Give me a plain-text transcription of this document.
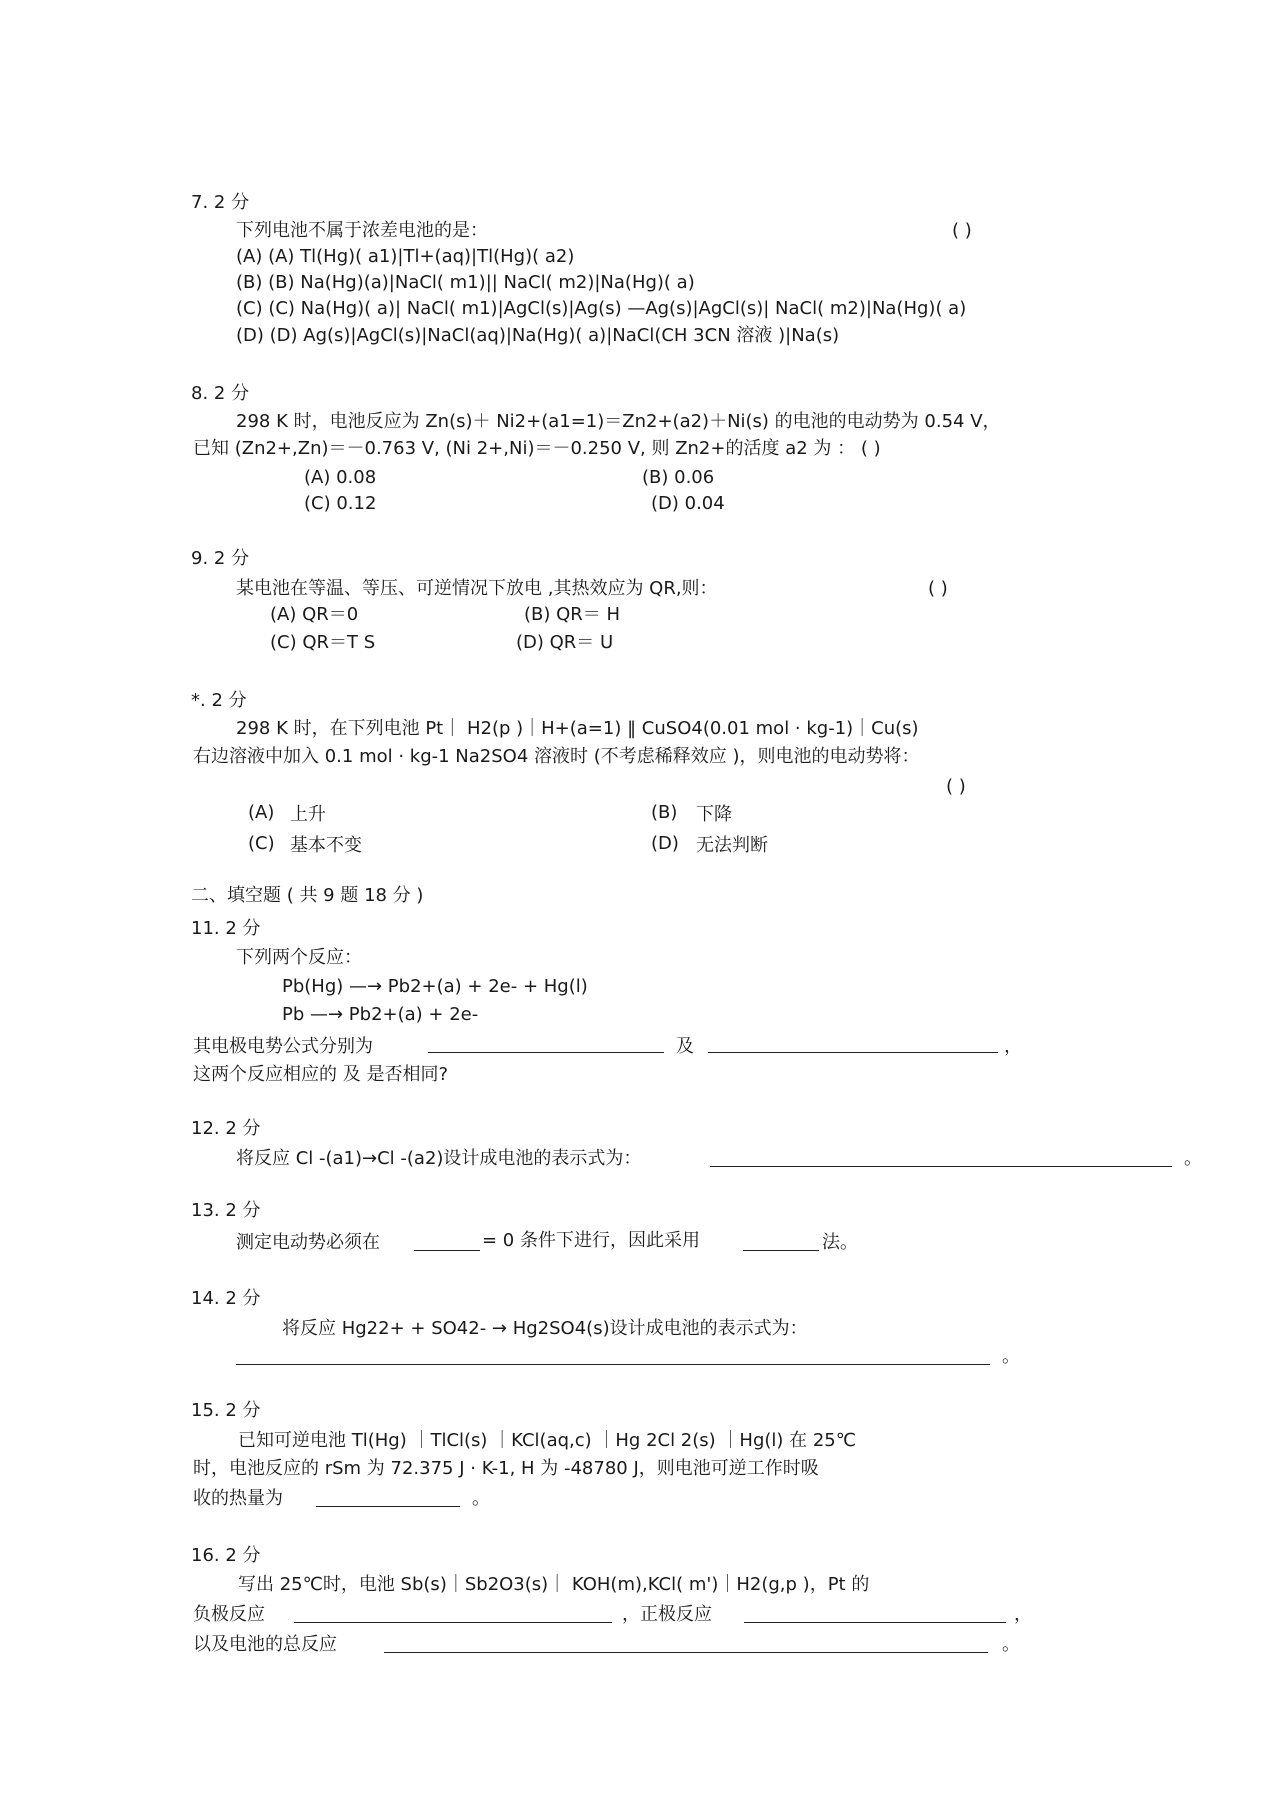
7. 2 分
下列电池不属于浓差电池的是：	( )
(A) (A) Tl(Hg)( a1)|Tl+(aq)|Tl(Hg)( a2)
(B) (B) Na(Hg)(a)|NaCl( m1)|| NaCl( m2)|Na(Hg)( a)
(C) (C) Na(Hg)( a)| NaCl( m1)|AgCl(s)|Ag(s) —Ag(s)|AgCl(s)| NaCl( m2)|Na(Hg)( a)
(D) (D) Ag(s)|AgCl(s)|NaCl(aq)|Na(Hg)( a)|NaCl(CH 3CN 溶液 )|Na(s)
8. 2 分
298 K 时，电池反应为 Zn(s)＋ Ni2+(a1=1)＝Zn2+(a2)＋Ni(s) 的电池的电动势为 0.54 V，
已知 (Zn2+,Zn)＝－0.763 V, (Ni 2+,Ni)＝－0.250 V, 则 Zn2+的活度 a2 为 ： ( )
(A) 0.08	(B) 0.06
(C) 0.12	(D) 0.04
9. 2 分
某电池在等温、等压、可逆情况下放电 ,其热效应为 QR,则：	( )
(A) QR＝0	(B) QR＝ H
(C) QR＝T S	(D) QR＝ U
*. 2 分
298 K 时，在下列电池 Pt｜ H2(p )｜H+(a=1) ‖ CuSO4(0.01 mol · kg-1)｜Cu(s)
右边溶液中加入 0.1 mol · kg-1 Na2SO4 溶液时 (不考虑稀释效应 )，则电池的电动势将：
( )
(A) 上升	(B) 下降
(C) 基本不变	(D) 无法判断
二、填空题 ( 共 9 题 18 分 )
11. 2 分
下列两个反应：
Pb(Hg) —→ Pb2+(a) + 2e- + Hg(l)
Pb —→ Pb2+(a) + 2e-
其电极电势公式分别为	及	，
这两个反应相应的 及 是否相同?
12. 2 分
将反应 Cl -(a1)→Cl -(a2)设计成电池的表示式为：	。
13. 2 分
测定电动势必须在	= 0 条件下进行，因此采用	法。
14. 2 分
将反应 Hg22+ + SO42- → Hg2SO4(s)设计成电池的表示式为：
。
15. 2 分
已知可逆电池 Tl(Hg) ｜TlCl(s) ｜KCl(aq,c) ｜Hg 2Cl 2(s) ｜Hg(l) 在 25℃
时，电池反应的 rSm 为 72.375 J · K-1, H 为 -48780 J，则电池可逆工作时吸
收的热量为	。
16. 2 分
写出 25℃时，电池 Sb(s)｜Sb2O3(s)｜ KOH(m),KCl( m')｜H2(g,p )，Pt 的
负极反应	，正极反应	，
以及电池的总反应	。
